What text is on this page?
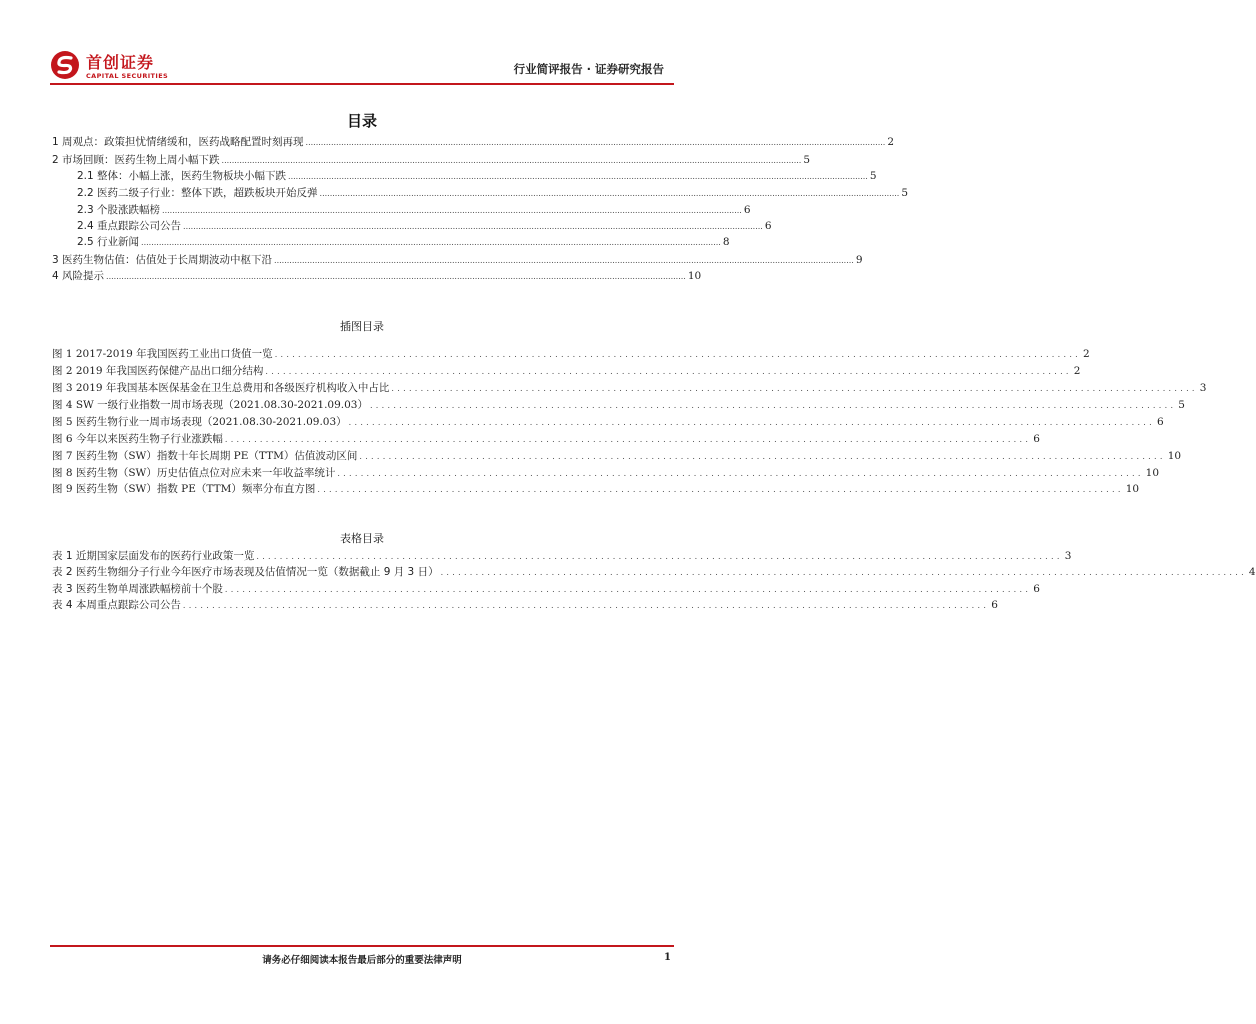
首创证券
CAPITAL SECURITIES	行业简评报告 · 证券研究报告
目录
1 周观点：政策担忧情绪缓和，医药战略配置时刻再现 .................................................................................................................................................................................................................................... 2
2 市场回顾：医药生物上周小幅下跌 .................................................................................................................................................................................................................................... 5
2.1 整体：小幅上涨，医药生物板块小幅下跌 .................................................................................................................................................................................................................................... 5
2.2 医药二级子行业：整体下跌，超跌板块开始反弹 .................................................................................................................................................................................................................................... 5
2.3 个股涨跌幅榜 .................................................................................................................................................................................................................................... 6
2.4 重点跟踪公司公告 .................................................................................................................................................................................................................................... 6
2.5 行业新闻 .................................................................................................................................................................................................................................... 8
3 医药生物估值：估值处于长周期波动中枢下沿 .................................................................................................................................................................................................................................... 9
4 风险提示 .................................................................................................................................................................................................................................... 10
插图目录
图 1 2017-2019 年我国医药工业出口货值一览 .......................................................................................................................................... 2
图 2 2019 年我国医药保健产品出口细分结构 .......................................................................................................................................... 2
图 3 2019 年我国基本医保基金在卫生总费用和各级医疗机构收入中占比 .......................................................................................................................................... 3
图 4 SW 一级行业指数一周市场表现（2021.08.30-2021.09.03） .......................................................................................................................................... 5
图 5 医药生物行业一周市场表现（2021.08.30-2021.09.03） .......................................................................................................................................... 6
图 6 今年以来医药生物子行业涨跌幅 .......................................................................................................................................... 6
图 7 医药生物（SW）指数十年长周期 PE（TTM）估值波动区间 .......................................................................................................................................... 10
图 8 医药生物（SW）历史估值点位对应未来一年收益率统计 .......................................................................................................................................... 10
图 9 医药生物（SW）指数 PE（TTM）频率分布直方图 .......................................................................................................................................... 10
表格目录
表 1 近期国家层面发布的医药行业政策一览 .......................................................................................................................................... 3
表 2 医药生物细分子行业今年医疗市场表现及估值情况一览（数据截止 9 月 3 日） .......................................................................................................................................... 4
表 3 医药生物单周涨跌幅榜前十个股 .......................................................................................................................................... 6
表 4 本周重点跟踪公司公告 .......................................................................................................................................... 6
请务必仔细阅读本报告最后部分的重要法律声明	1
